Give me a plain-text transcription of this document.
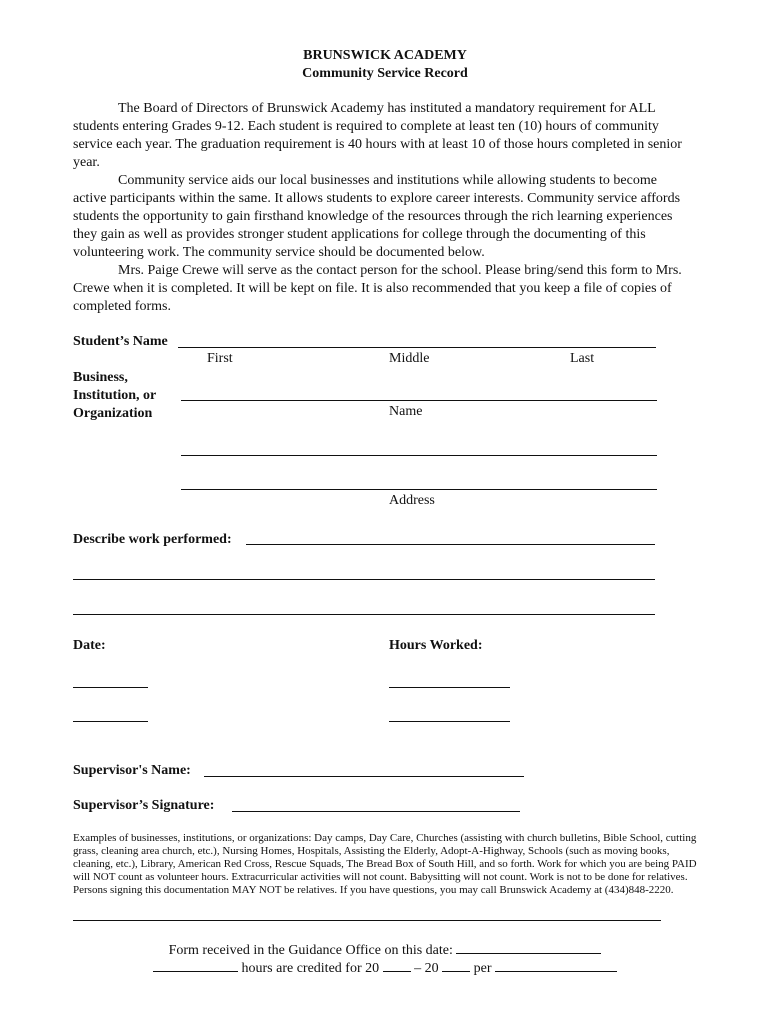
BRUNSWICK ACADEMY
Community Service Record
The Board of Directors of Brunswick Academy has instituted a mandatory requirement for ALL students entering Grades 9-12. Each student is required to complete at least ten (10) hours of community service each year. The graduation requirement is 40 hours with at least 10 of those hours completed in senior year.
Community service aids our local businesses and institutions while allowing students to become active participants within the same. It allows students to explore career interests. Community service affords students the opportunity to gain firsthand knowledge of the resources through the rich learning experiences they gain as well as provides stronger student applications for college through the documenting of this volunteering work. The community service should be documented below.
Mrs. Paige Crewe will serve as the contact person for the school. Please bring/send this form to Mrs. Crewe when it is completed. It will be kept on file. It is also recommended that you keep a file of copies of completed forms.
Student’s Name
First	Middle	Last
Business,
Institution, or
Organization	Name
Address
Describe work performed:
Date:	Hours Worked:
Supervisor's Name:
Supervisor’s Signature:
Examples of businesses, institutions, or organizations: Day camps, Day Care, Churches (assisting with church bulletins, Bible School, cutting grass, cleaning area church, etc.), Nursing Homes, Hospitals, Assisting the Elderly, Adopt-A-Highway, Schools (such as moving books, cleaning, etc.), Library, American Red Cross, Rescue Squads, The Bread Box of South Hill, and so forth. Work for which you are being PAID will NOT count as volunteer hours. Extracurricular activities will not count. Babysitting will not count. Work is not to be done for relatives. Persons signing this documentation MAY NOT be relatives. If you have questions, you may call Brunswick Academy at (434)848-2220.
Form received in the Guidance Office on this date:
hours are credited for 20	– 20	per
